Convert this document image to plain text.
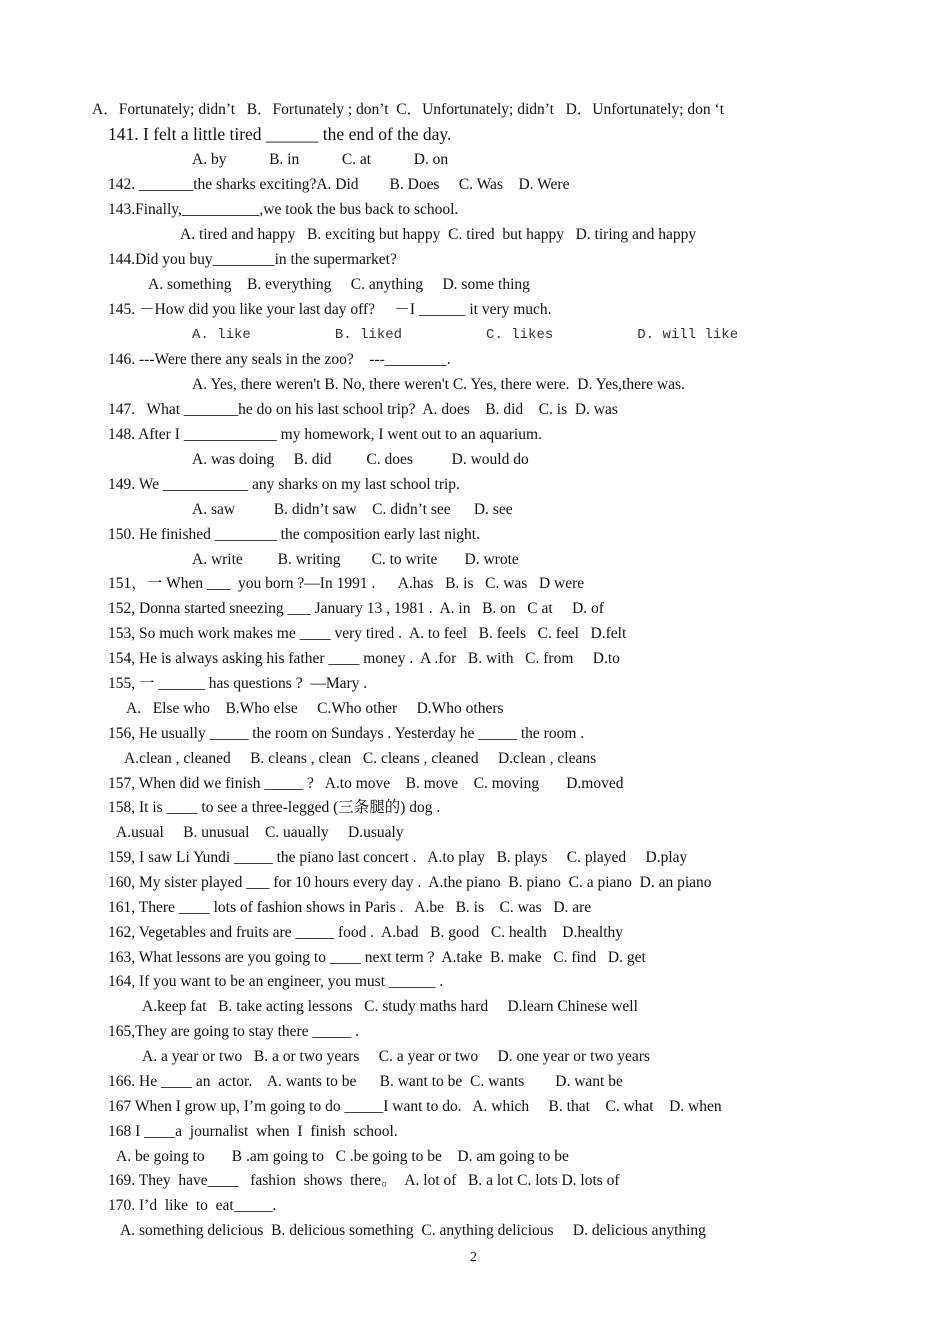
A．Fortunately; didn’t   B．Fortunately ; don’t  C．Unfortunately; didn’t   D．Unfortunately; don ‘t
141. I felt a little tired ______ the end of the day.
A. by           B. in           C. at           D. on
142. _______the sharks exciting?A. Did        B. Does     C. Was    D. Were
143.Finally,__________,we took the bus back to school.
A. tired and happy   B. exciting but happy  C. tired  but happy   D. tiring and happy
144.Did you buy________in the supermarket?
A. something    B. everything     C. anything     D. some thing
145. －How did you like your last day off?     －I ______ it very much.
A. like          B. liked          C. likes          D. will like
146. ---Were there any seals in the zoo?    ---________.
A. Yes, there weren't B. No, there weren't C. Yes, there were.  D. Yes,there was.
147.   What _______he do on his last school trip?  A. does    B. did    C. is  D. was
148. After I ____________ my homework, I went out to an aquarium.
A. was doing     B. did         C. does          D. would do
149. We ___________ any sharks on my last school trip.
A. saw          B. didn’t saw    C. didn’t see      D. see
150. He finished ________ the composition early last night.
A. write         B. writing        C. to write       D. wrote
151，一 When ___  you born ?—In 1991 .      A.has   B. is   C. was   D were
152, Donna started sneezing ___ January 13 , 1981 .  A. in   B. on   C at     D. of
153, So much work makes me ____ very tired .  A. to feel   B. feels   C. feel   D.felt
154, He is always asking his father ____ money .  A .for   B. with   C. from     D.to
155, 一 ______ has questions ?  —Mary .
A.   Else who    B.Who else     C.Who other     D.Who others
156, He usually _____ the room on Sundays . Yesterday he _____ the room .
A.clean , cleaned     B. cleans , clean   C. cleans , cleaned     D.clean , cleans
157, When did we finish _____ ?   A.to move    B. move    C. moving       D.moved
158, It is ____ to see a three-legged (三条腿的) dog .
A.usual     B. unusual    C. uaually     D.usualy
159, I saw Li Yundi _____ the piano last concert .   A.to play   B. plays     C. played     D.play
160, My sister played ___ for 10 hours every day .  A.the piano  B. piano  C. a piano  D. an piano
161, There ____ lots of fashion shows in Paris .   A.be   B. is    C. was   D. are
162, Vegetables and fruits are _____ food .  A.bad   B. good   C. health    D.healthy
163, What lessons are you going to ____ next term ?  A.take  B. make   C. find   D. get
164, If you want to be an engineer, you must ______ .
A.keep fat   B. take acting lessons   C. study maths hard     D.learn Chinese well
165,They are going to stay there _____ .
A. a year or two   B. a or two years     C. a year or two     D. one year or two years
166. He ____ an  actor.    A. wants to be      B. want to be  C. wants        D. want be
167 When I grow up, I’m going to do _____I want to do.   A. which     B. that    C. what    D. when
168 I ____a  journalist  when  I  finish  school.
A. be going to       B .am going to   C .be going to be    D. am going to be
169. They  have____   fashion  shows  there。  A. lot of   B. a lot C. lots D. lots of
170. I’d  like  to  eat_____.
A. something delicious  B. delicious something  C. anything delicious     D. delicious anything
2
